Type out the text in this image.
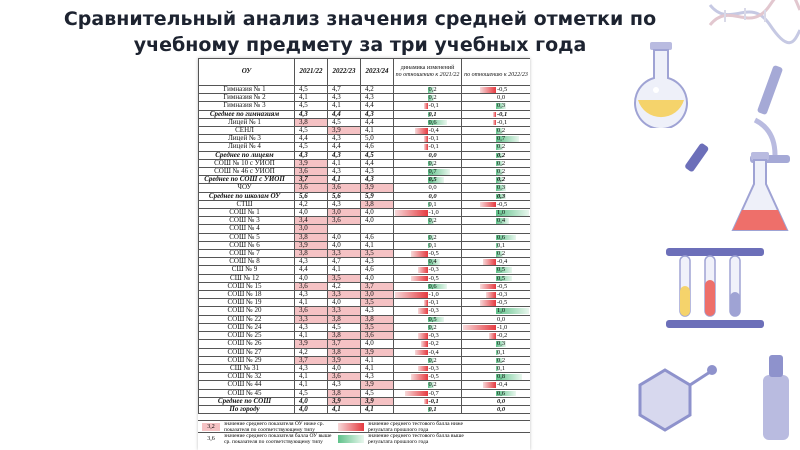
Сравнительный анализ значения средней отметки по учебному предмету за три учебных года
ОУ	2021/22	2022/23	2023/24	динамика изменений
по отношению к 2021/22	по отношению к 2022/23

Гимназия № 1	4,5	4,7	4,2	0,2	-0,5

Гимназия № 2	4,1	4,3	4,3	0,2	0,0

Гимназия № 3	4,5	4,1	4,4	-0,1	0,3

Среднее по гимназиям	4,3	4,4	4,3	0,1	-0,1

Лицей № 1	3,8	4,5	4,4	0,6	-0,1

СЕНЛ	4,5	3,9	4,1	-0,4	0,2

Лицей № 3	4,4	4,3	5,0	-0,1	0,7

Лицей № 4	4,5	4,4	4,6	-0,1	0,2

Среднее по лицеям	4,3	4,3	4,5	0,0	0,2

СОШ № 10 с УИОП	3,9	4,1	4,4	0,2	0,2

СОШ № 46 с УИОП	3,6	4,3	4,3	0,7	0,2

Среднее по СОШ с УИОП	3,7	4,1	4,3	0,5	0,2

ЧОУ	3,6	3,6	3,9	0,0	0,3

Среднее по школам ОУ	5,6	5,6	5,9	0,0	0,3

СТШ	4,2	4,3	3,8	0,1	-0,5

СОШ № 1	4,0	3,0	4,0	-1,0	1,0

СОШ № 3	3,4	3,6	4,0	0,2	0,4

СОШ № 4	3,0			

СОШ № 5	3,8	4,0	4,6	0,2	0,6

СОШ № 6	3,9	4,0	4,1	0,1	0,1

СОШ № 7	3,8	3,3	3,5	-0,5	0,2

СОШ № 8	4,3	4,7	4,3	0,4	-0,4

СШ № 9	4,4	4,1	4,6	-0,3	0,5

СШ № 12	4,0	3,5	4,0	-0,5	0,5

СОШ № 15	3,6	4,2	3,7	0,6	-0,5

СОШ № 18	4,3	3,3	3,0	-1,0	-0,3

СОШ № 19	4,1	4,0	3,5	-0,1	-0,5

СОШ № 20	3,6	3,3	4,3	-0,3	1,0

СОШ № 22	3,3	3,8	3,8	0,5	0,0

СОШ № 24	4,3	4,5	3,5	0,2	-1,0

СОШ № 25	4,1	3,8	3,6	-0,3	-0,2

СОШ № 26	3,9	3,7	4,0	-0,2	0,3

СОШ № 27	4,2	3,8	3,9	-0,4	0,1

СОШ № 29	3,7	3,9	4,1	0,2	0,2

СШ № 31	4,3	4,0	4,1	-0,3	0,1

СОШ № 32	4,1	3,6	4,3	-0,5	0,8

СОШ № 44	4,1	4,3	3,9	0,2	-0,4

СОШ № 45	4,5	3,8	4,5	-0,7	0,6

Среднее по СОШ	4,0	3,9	3,9	-0,1	0,0

По городу	4,0	4,1	4,1	0,1	0,0
3,2	значение среднего показателя ОУ ниже ср. показателя по соответствующему типу
значение среднего тестового балла ниже результата прошлого года
3,6	значение среднего показателя балла ОУ выше ср. показателя по соответствующему типу
значение среднего тестового балла выше результата прошлого года
